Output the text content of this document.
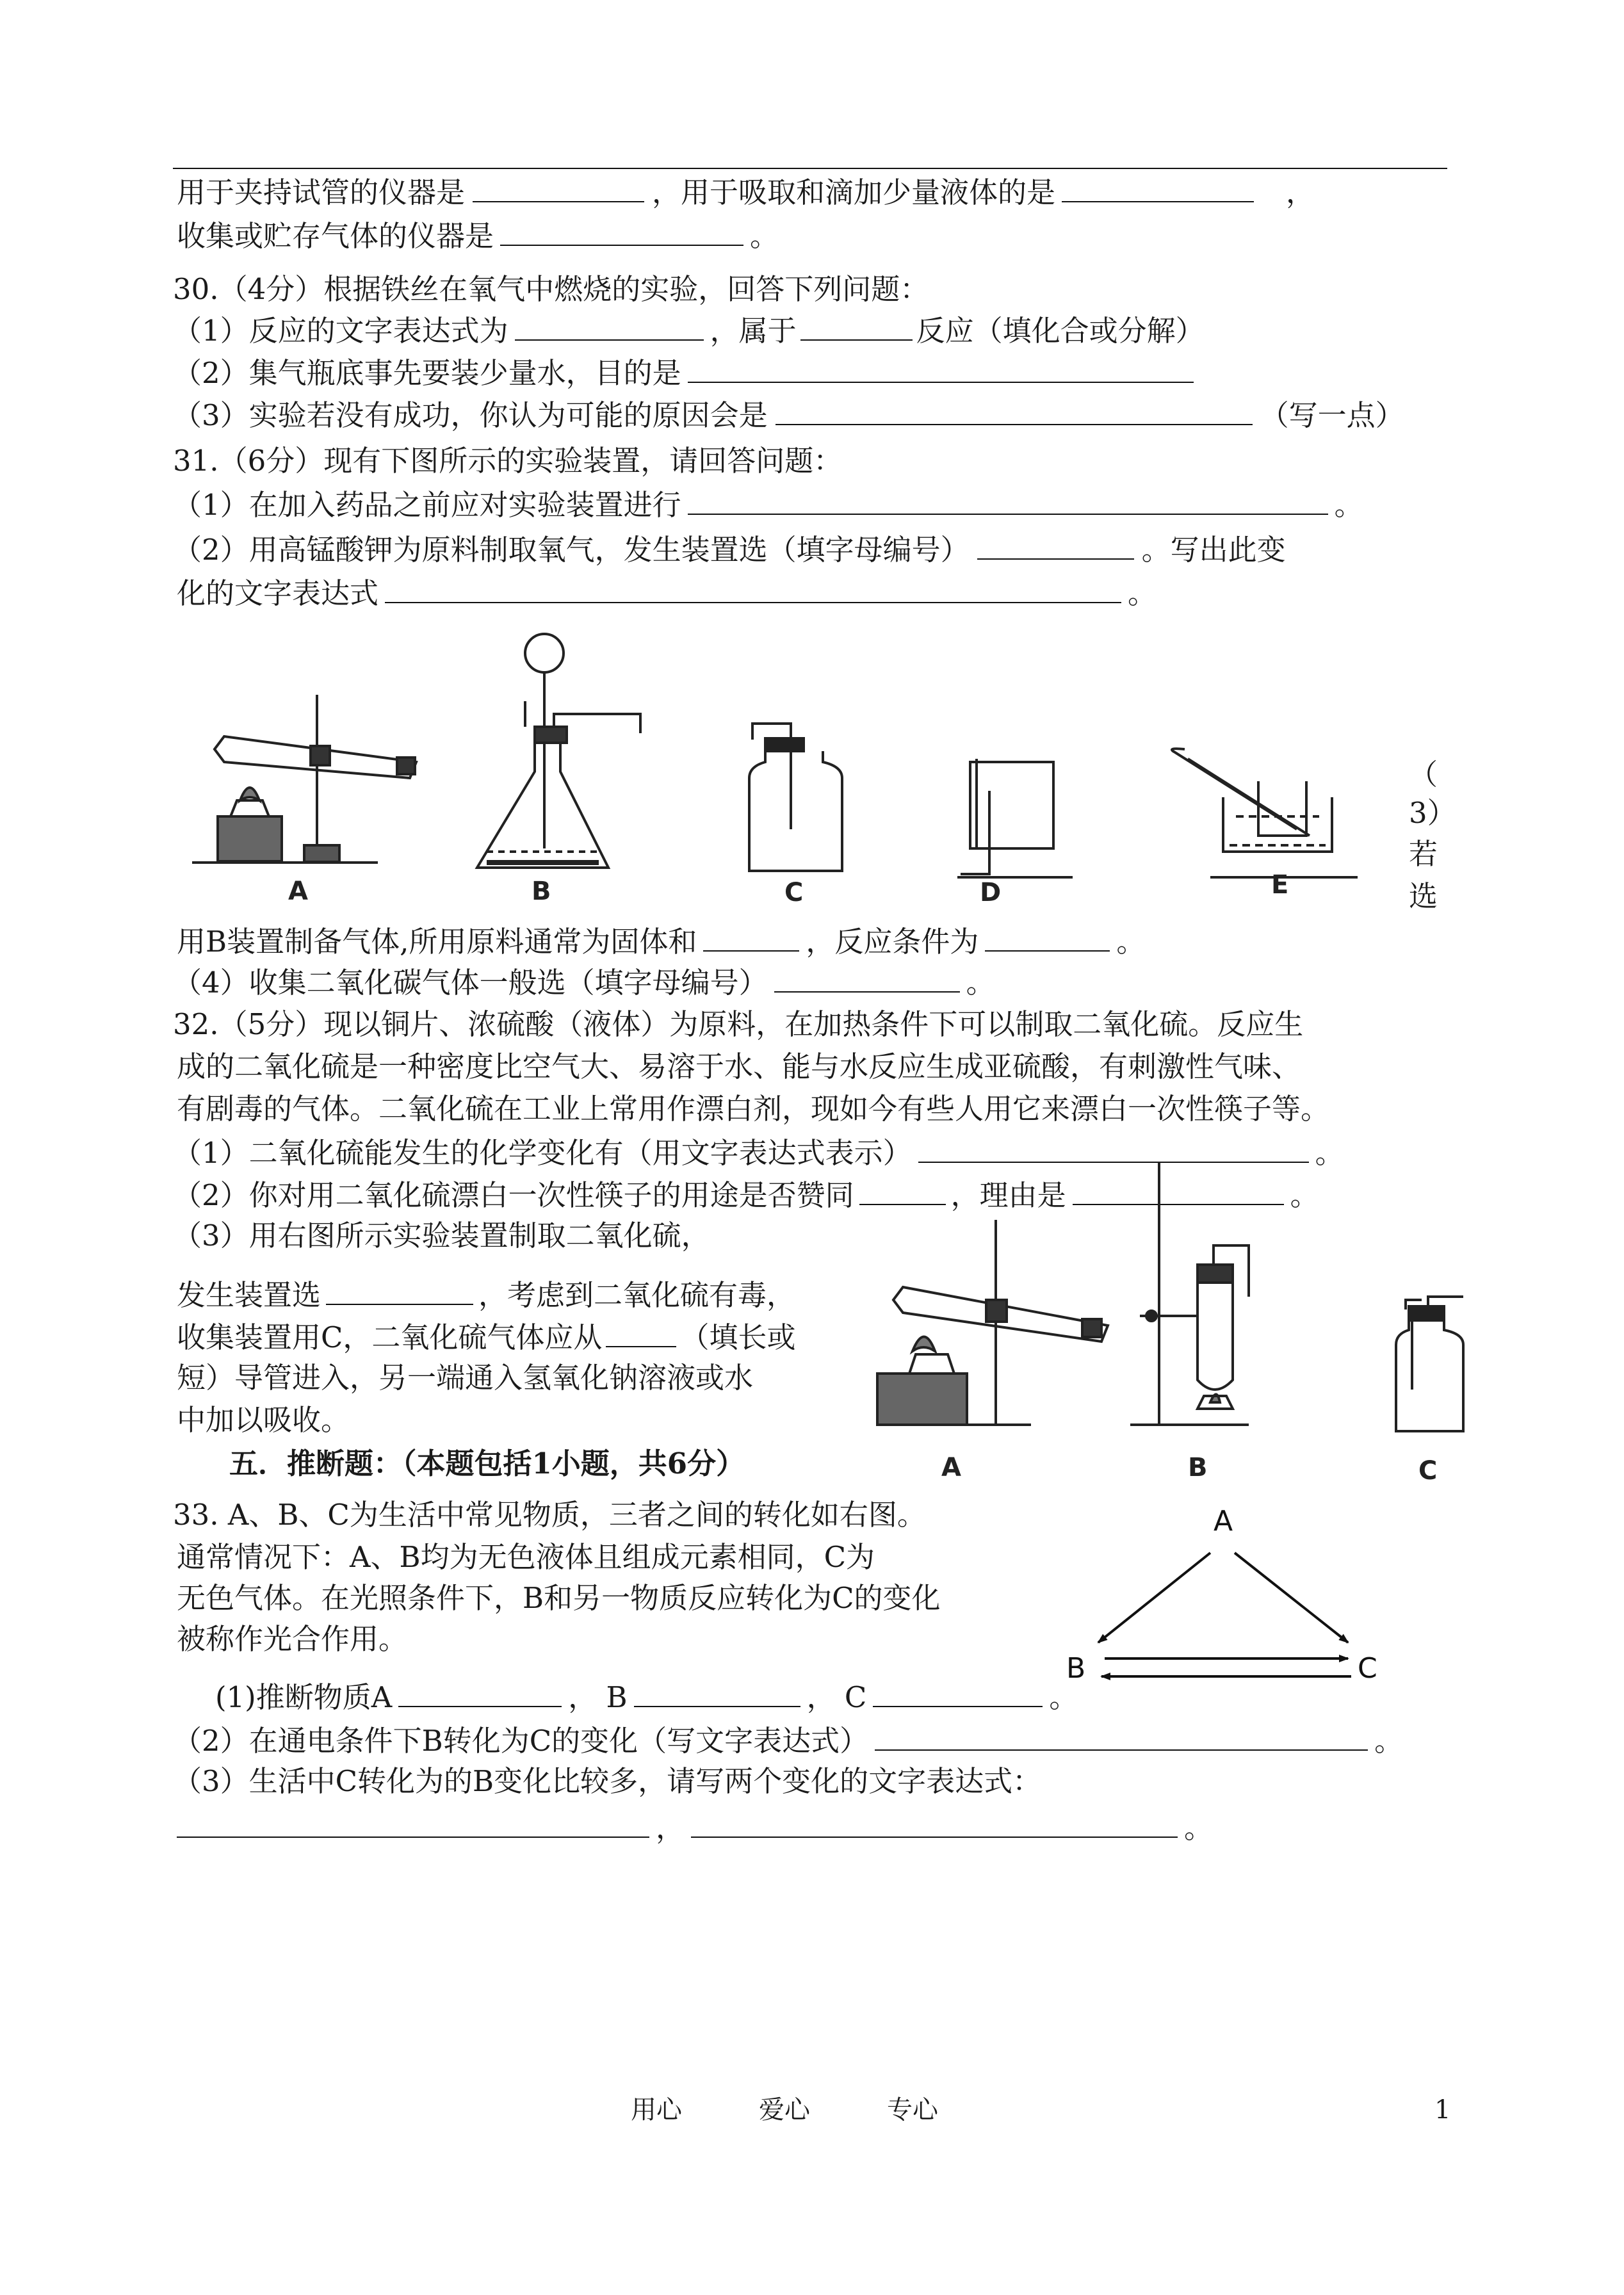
用于夹持试管的仪器是	，用于吸取和滴加少量液体的是	，
收集或贮存气体的仪器是	。
30.（4分）根据铁丝在氧气中燃烧的实验，回答下列问题：
（1）反应的文字表达式为	，属于	反应（填化合或分解）
（2）集气瓶底事先要装少量水，目的是
（3）实验若没有成功，你认为可能的原因会是	（写一点）
31.（6分）现有下图所示的实验装置，请回答问题：
（1）在加入药品之前应对实验装置进行	。
（2）用高锰酸钾为原料制取氧气，发生装置选（填字母编号）	。写出此变
化的文字表达式	。
A	B	C	D	E
（
3）
若
选
用B装置制备气体,所用原料通常为固体和	，反应条件为	。
（4）收集二氧化碳气体一般选（填字母编号）	。
32.（5分）现以铜片、浓硫酸（液体）为原料，在加热条件下可以制取二氧化硫。反应生
成的二氧化硫是一种密度比空气大、易溶于水、能与水反应生成亚硫酸，有刺激性气味、
有剧毒的气体。二氧化硫在工业上常用作漂白剂，现如今有些人用它来漂白一次性筷子等。
（1）二氧化硫能发生的化学变化有（用文字表达式表示）	。
（2）你对用二氧化硫漂白一次性筷子的用途是否赞同	，理由是	。
（3）用右图所示实验装置制取二氧化硫，
发生装置选	，考虑到二氧化硫有毒，
收集装置用C，二氧化硫气体应从	（填长或
短）导管进入，另一端通入氢氧化钠溶液或水
中加以吸收。
A	B	C
五．推断题：（本题包括1小题，共6分）
33. A、B、C为生活中常见物质，三者之间的转化如右图。
通常情况下：A、B均为无色液体且组成元素相同，C为
无色气体。在光照条件下，B和另一物质反应转化为C的变化
被称作光合作用。
A
B	C
(1)推断物质A	， B	， C	。
（2）在通电条件下B转化为C的变化（写文字表达式）	。
（3）生活中C转化为的B变化比较多，请写两个变化的文字表达式：
，	。
用心	爱心	专心	1
